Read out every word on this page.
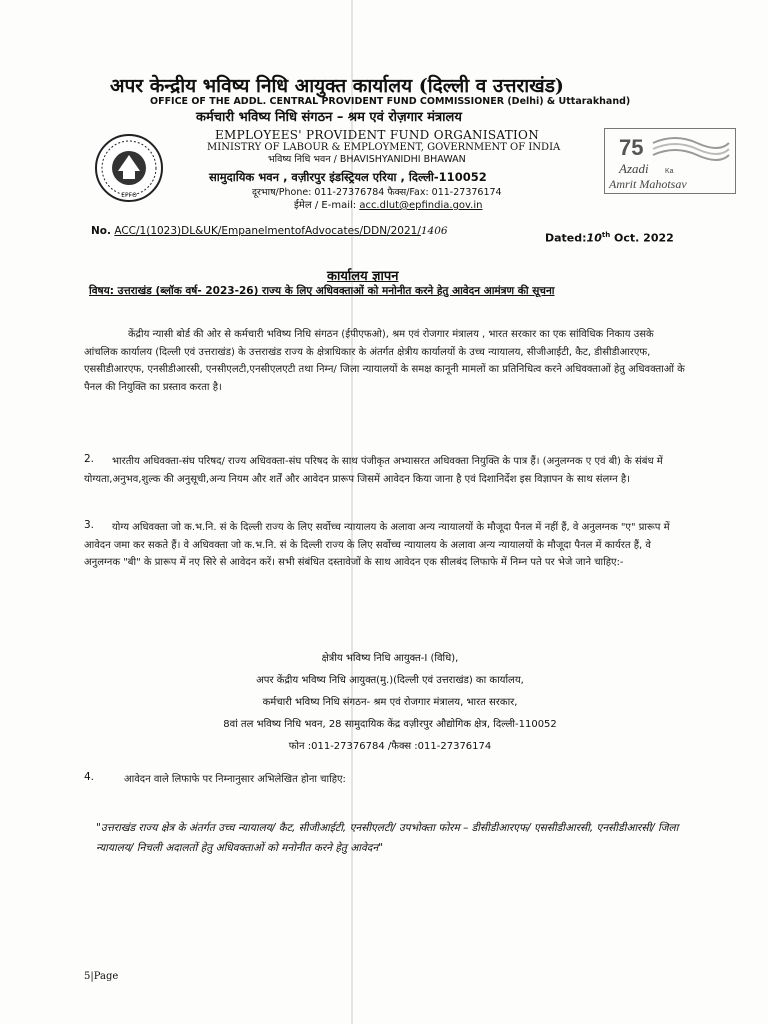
EPFO
अपर केन्द्रीय भविष्य निधि आयुक्त कार्यालय (दिल्ली व उत्तराखंड)
OFFICE OF THE ADDL. CENTRAL PROVIDENT FUND COMMISSIONER (Delhi) & Uttarakhand)
कर्मचारी भविष्य निधि संगठन – श्रम एवं रोज़गार मंत्रालय
EMPLOYEES' PROVIDENT FUND ORGANISATION
MINISTRY OF LABOUR & EMPLOYMENT, GOVERNMENT OF INDIA
भविष्य निधि भवन / BHAVISHYANIDHI BHAWAN
सामुदायिक भवन , वज़ीरपुर इंडस्ट्रियल एरिया , दिल्ली-110052
दूरभाष/Phone: 011-27376784 फैक्स/Fax: 011-27376174
ईमेल / E-mail: acc.dlut@epfindia.gov.in
75
Azadi Ka
Amrit Mahotsav
No. ACC/1(1023)DL&UK/EmpanelmentofAdvocates/DDN/2021/1406
Dated:10th Oct. 2022
कार्यालय ज्ञापन
विषय: उत्तराखंड (ब्लॉक वर्ष- 2023-26) राज्य के लिए अधिवक्ताओं को मनोनीत करने हेतु आवेदन आमंत्रण की सूचना
केंद्रीय न्यासी बोर्ड की ओर से कर्मचारी भविष्य निधि संगठन (ईपीएफओ), श्रम एवं रोजगार मंत्रालय , भारत सरकार का एक सांविधिक निकाय उसके आंचलिक कार्यालय (दिल्ली एवं उत्तराखंड) के उत्तराखंड राज्य के क्षेत्राधिकार के अंतर्गत क्षेत्रीय कार्यालयों के उच्च न्यायालय, सीजीआईटी, कैट, डीसीडीआरएफ, एससीडीआरएफ, एनसीडीआरसी, एनसीएलटी,एनसीएलएटी तथा निम्न/ जिला न्यायालयों के समक्ष कानूनी मामलों का प्रतिनिधित्व करने अधिवक्ताओं हेतु अधिवक्ताओं के पैनल की नियुक्ति का प्रस्ताव करता है।
2.	भारतीय अधिवक्ता-संघ परिषद/ राज्य अधिवक्ता-संघ परिषद के साथ पंजीकृत अभ्यासरत अधिवक्ता नियुक्ति के पात्र हैं। (अनुलग्नक ए एवं बी) के संबंध में योग्यता,अनुभव,शुल्क की अनुसूची,अन्य नियम और शर्तें और आवेदन प्रारूप जिसमें आवेदन किया जाना है एवं दिशानिर्देश इस विज्ञापन के साथ संलग्न है।
3.	योग्य अधिवक्ता जो क.भ.नि. सं के दिल्ली राज्य के लिए सर्वोच्च न्यायालय के अलावा अन्य न्यायालयों के मौजूदा पैनल में नहीं हैं, वे अनुलग्नक "ए" प्रारूप में आवेदन जमा कर सकते हैं। वे अधिवक्ता जो क.भ.नि. सं के दिल्ली राज्य के लिए सर्वोच्च न्यायालय के अलावा अन्य न्यायालयों के मौजूदा पैनल में कार्यरत हैं, वे अनुलग्नक "बी" के प्रारूप में नए सिरे से आवेदन करें। सभी संबंधित दस्तावेजों के साथ आवेदन एक सीलबंद लिफाफे में निम्न पते पर भेजे जाने चाहिए:-
क्षेत्रीय भविष्य निधि आयुक्त-I (विधि),
अपर केंद्रीय भविष्य निधि आयुक्त(मु.)(दिल्ली एवं उत्तराखंड) का कार्यालय,
कर्मचारी भविष्य निधि संगठन- श्रम एवं रोजगार मंत्रालय, भारत सरकार,
8वां तल भविष्य निधि भवन, 28 सामुदायिक केंद्र वज़ीरपुर औद्योगिक क्षेत्र, दिल्ली-110052
फोन :011-27376784 /फैक्स :011-27376174
4.	आवेदन वाले लिफाफे पर निम्नानुसार अभिलेखित होना चाहिए:
"उत्तराखंड राज्य क्षेत्र के अंतर्गत उच्च न्यायालय/ कैट, सीजीआईटी, एनसीएलटी/ उपभोक्ता फोरम – डीसीडीआरएफ/ एससीडीआरसी, एनसीडीआरसी/ जिला न्यायालय/ निचली अदालतों हेतु अधिवक्ताओं को मनोनीत करने हेतु आवेदन"
5|Page
